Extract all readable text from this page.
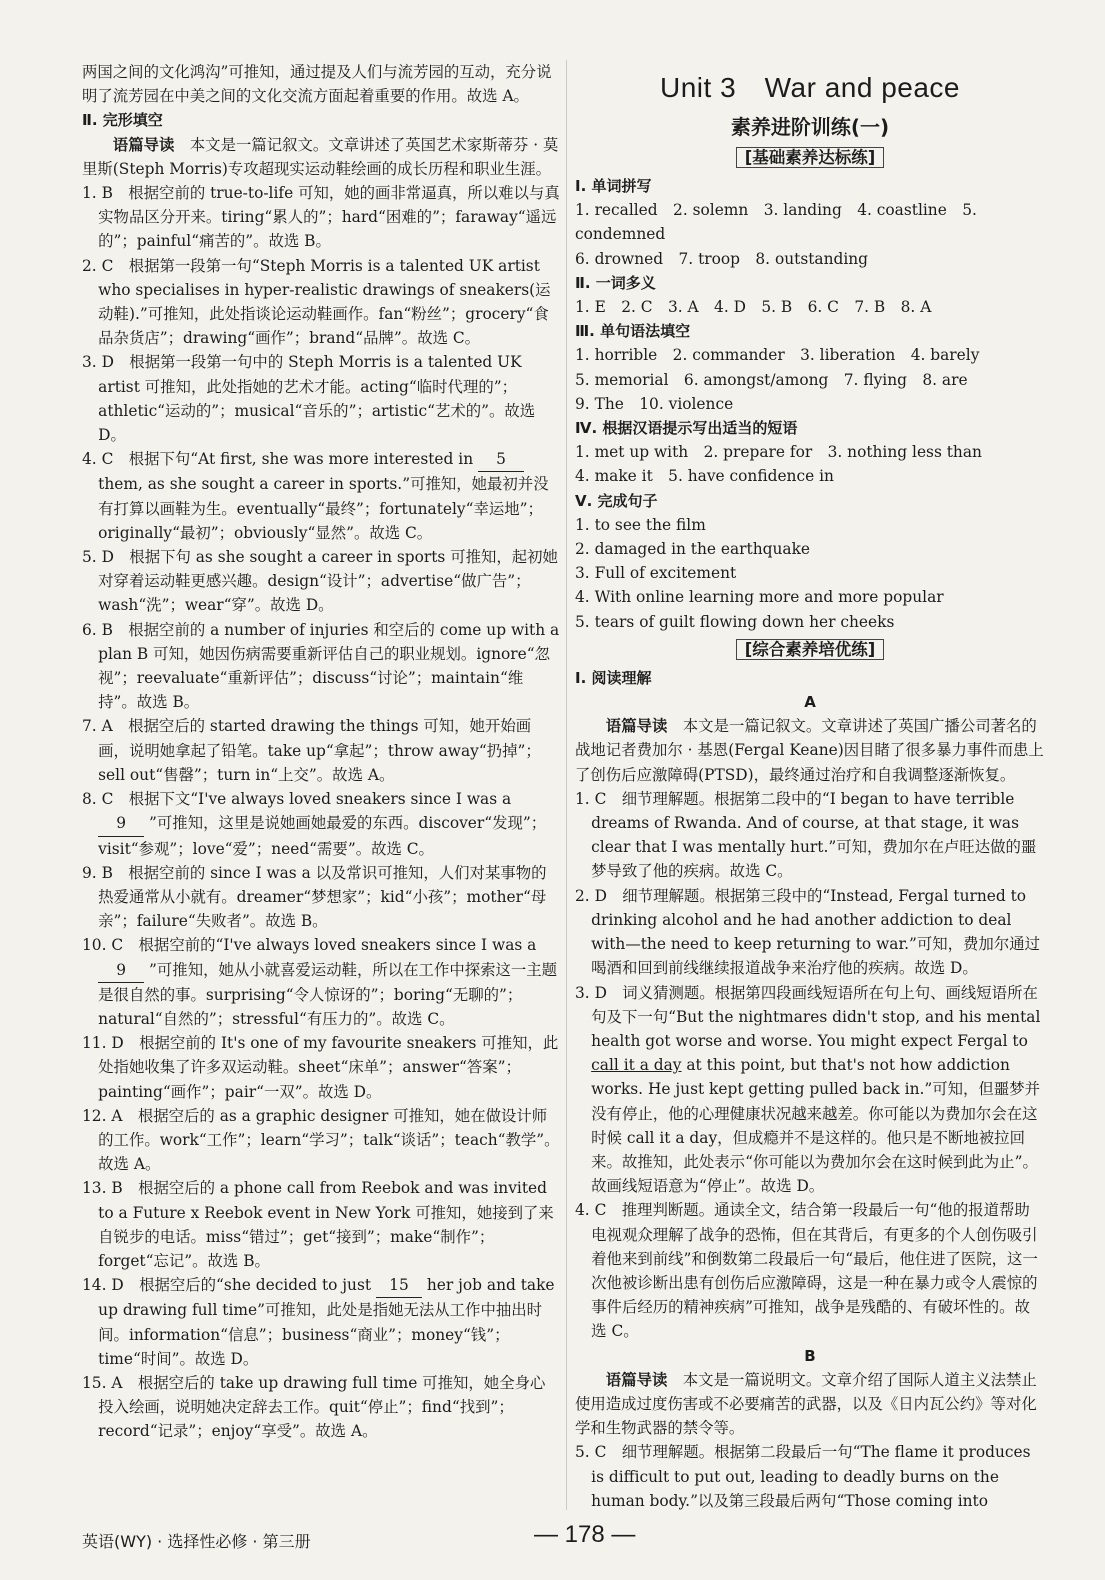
两国之间的文化鸿沟”可推知，通过提及人们与流芳园的互动，充分说明了流芳园在中美之间的文化交流方面起着重要的作用。故选 A。

Ⅱ. 完形填空

语篇导读　 本文是一篇记叙文。文章讲述了英国艺术家斯蒂芬 · 莫里斯(Steph Morris)专攻超现实运动鞋绘画的成长历程和职业生涯。

1. B　根据空前的 true-to-life 可知，她的画非常逼真，所以难以与真实物品区分开来。tiring“累人的”；hard“困难的”；faraway“遥远的”；painful“痛苦的”。故选 B。

2. C　根据第一段第一句“Steph Morris is a talented UK artist who specialises in hyper-realistic drawings of sneakers(运动鞋).”可推知，此处指谈论运动鞋画作。fan“粉丝”；grocery“食品杂货店”；drawing“画作”；brand“品牌”。故选 C。

3. D　根据第一段第一句中的 Steph Morris is a talented UK artist 可推知，此处指她的艺术才能。acting“临时代理的”；athletic“运动的”；musical“音乐的”；artistic“艺术的”。故选 D。

4. C　根据下句“At first, she was more interested in 5 them, as she sought a career in sports.”可推知，她最初并没有打算以画鞋为生。eventually“最终”；fortunately“幸运地”；originally“最初”；obviously“显然”。故选 C。

5. D　根据下句 as she sought a career in sports 可推知，起初她对穿着运动鞋更感兴趣。design“设计”；advertise“做广告”；wash“洗”；wear“穿”。故选 D。

6. B　根据空前的 a number of injuries 和空后的 come up with a plan B 可知，她因伤病需要重新评估自己的职业规划。ignore“忽视”；reevaluate“重新评估”；discuss“讨论”；maintain“维持”。故选 B。

7. A　根据空后的 started drawing the things 可知，她开始画画，说明她拿起了铅笔。take up“拿起”；throw away“扔掉”；sell out“售罄”；turn in“上交”。故选 A。

8. C　根据下文“I've always loved sneakers since I was a 9 ”可推知，这里是说她画她最爱的东西。discover“发现”；visit“参观”；love“爱”；need“需要”。故选 C。

9. B　根据空前的 since I was a 以及常识可推知，人们对某事物的热爱通常从小就有。dreamer“梦想家”；kid“小孩”；mother“母亲”；failure“失败者”。故选 B。

10. C　根据空前的“I've always loved sneakers since I was a 9 ”可推知，她从小就喜爱运动鞋，所以在工作中探索这一主题是很自然的事。surprising“令人惊讶的”；boring“无聊的”；natural“自然的”；stressful“有压力的”。故选 C。

11. D　根据空前的 It's one of my favourite sneakers 可推知，此处指她收集了许多双运动鞋。sheet“床单”；answer“答案”；painting“画作”；pair“一双”。故选 D。

12. A　根据空后的 as a graphic designer 可推知，她在做设计师的工作。work“工作”；learn“学习”；talk“谈话”；teach“教学”。故选 A。

13. B　根据空后的 a phone call from Reebok and was invited to a Future x Reebok event in New York 可推知，她接到了来自锐步的电话。miss“错过”；get“接到”；make“制作”；forget“忘记”。故选 B。

14. D　根据空后的“she decided to just 15 her job and take up drawing full time”可推知，此处是指她无法从工作中抽出时间。information“信息”；business“商业”；money“钱”；time“时间”。故选 D。

15. A　根据空后的 take up drawing full time 可推知，她全身心投入绘画，说明她决定辞去工作。quit“停止”；find“找到”；record“记录”；enjoy“享受”。故选 A。

Unit 3　War and peace
素养进阶训练(一)
[基础素养达标练]

Ⅰ. 单词拼写

1. recalled　2. solemn　3. landing　4. coastline　5. condemned

6. drowned　7. troop　8. outstanding

Ⅱ. 一词多义

1. E　2. C　3. A　4. D　5. B　6. C　7. B　8. A

Ⅲ. 单句语法填空

1. horrible　2. commander　3. liberation　4. barely

5. memorial　6. amongst/among　7. flying　8. are

9. The　10. violence

Ⅳ. 根据汉语提示写出适当的短语

1. met up with　2. prepare for　3. nothing less than

4. make it　5. have confidence in

Ⅴ. 完成句子

1. to see the film

2. damaged in the earthquake

3. Full of excitement

4. With online learning more and more popular

5. tears of guilt flowing down her cheeks

[综合素养培优练]

Ⅰ. 阅读理解

A

语篇导读　 本文是一篇记叙文。文章讲述了英国广播公司著名的战地记者费加尔 · 基恩(Fergal Keane)因目睹了很多暴力事件而患上了创伤后应激障碍(PTSD)，最终通过治疗和自我调整逐渐恢复。

1. C　细节理解题。根据第二段中的“I began to have terrible dreams of Rwanda. And of course, at that stage, it was clear that I was mentally hurt.”可知，费加尔在卢旺达做的噩梦导致了他的疾病。故选 C。

2. D　细节理解题。根据第三段中的“Instead, Fergal turned to drinking alcohol and he had another addiction to deal with—the need to keep returning to war.”可知，费加尔通过喝酒和回到前线继续报道战争来治疗他的疾病。故选 D。

3. D　词义猜测题。根据第四段画线短语所在句上句、画线短语所在句及下一句“But the nightmares didn't stop, and his mental health got worse and worse. You might expect Fergal to call it a day at this point, but that's not how addiction works. He just kept getting pulled back in.”可知，但噩梦并没有停止，他的心理健康状况越来越差。你可能以为费加尔会在这时候 call it a day，但成瘾并不是这样的。他只是不断地被拉回来。故推知，此处表示“你可能以为费加尔会在这时候到此为止”。故画线短语意为“停止”。故选 D。

4. C　推理判断题。通读全文，结合第一段最后一句“他的报道帮助电视观众理解了战争的恐怖，但在其背后，有更多的个人创伤吸引着他来到前线”和倒数第二段最后一句“最后，他住进了医院，这一次他被诊断出患有创伤后应激障碍，这是一种在暴力或令人震惊的事件后经历的精神疾病”可推知，战争是残酷的、有破坏性的。故选 C。

B

语篇导读　 本文是一篇说明文。文章介绍了国际人道主义法禁止使用造成过度伤害或不必要痛苦的武器，以及《日内瓦公约》等对化学和生物武器的禁令等。

5. C　细节理解题。根据第二段最后一句“The flame it produces is difficult to put out, leading to deadly burns on the human body.”以及第三段最后两句“Those coming into

英语(WY) · 选择性必修 · 第三册	— 178 —
